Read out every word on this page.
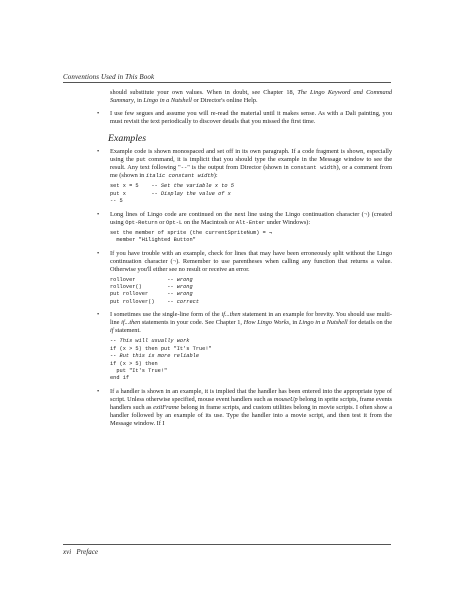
Conventions Used in This Book

should substitute your own values. When in doubt, see Chapter 18, The Lingo Keyword and Command Summary, in Lingo in a Nutshell or Director's online Help.

• I use few segues and assume you will re-read the material until it makes sense. As with a Dali painting, you must revisit the text periodically to discover details that you missed the first time.

Examples

• Example code is shown monospaced and set off in its own paragraph. If a code fragment is shown, especially using the put command, it is implicit that you should type the example in the Message window to see the result. Any text following "--" is the output from Director (shown in constant width), or a comment from me (shown in italic constant width):

set x = 5    -- Set the variable x to 5
put x        -- Display the value of x
-- 5

• Long lines of Lingo code are continued on the next line using the Lingo continuation character (¬) (created using Opt-Return or Opt-L on the Macintosh or Alt-Enter under Windows):

set the member of sprite (the currentSpriteNum) = ¬
member "Hilighted Button"

• If you have trouble with an example, check for lines that may have been erroneously split without the Lingo continuation character (¬). Remember to use parentheses when calling any function that returns a value. Otherwise you'll either see no result or receive an error.

rollover          -- wrong
rollover()        -- wrong
put rollover      -- wrong
put rollover()    -- correct

• I sometimes use the single-line form of the if...then statement in an example for brevity. You should use multi-line if...then statements in your code. See Chapter 1, How Lingo Works, in Lingo in a Nutshell for details on the if statement.

-- This will usually work
if (x > 5) then put "It's True!"
-- But this is more reliable
if (x > 5) then
put "It's True!"
end if

• If a handler is shown in an example, it is implied that the handler has been entered into the appropriate type of script. Unless otherwise specified, mouse event handlers such as mouseUp belong in sprite scripts, frame events handlers such as exitFrame belong in frame scripts, and custom utilities belong in movie scripts. I often show a handler followed by an example of its use. Type the handler into a movie script, and then test it from the Message window. If I

xvi Preface
